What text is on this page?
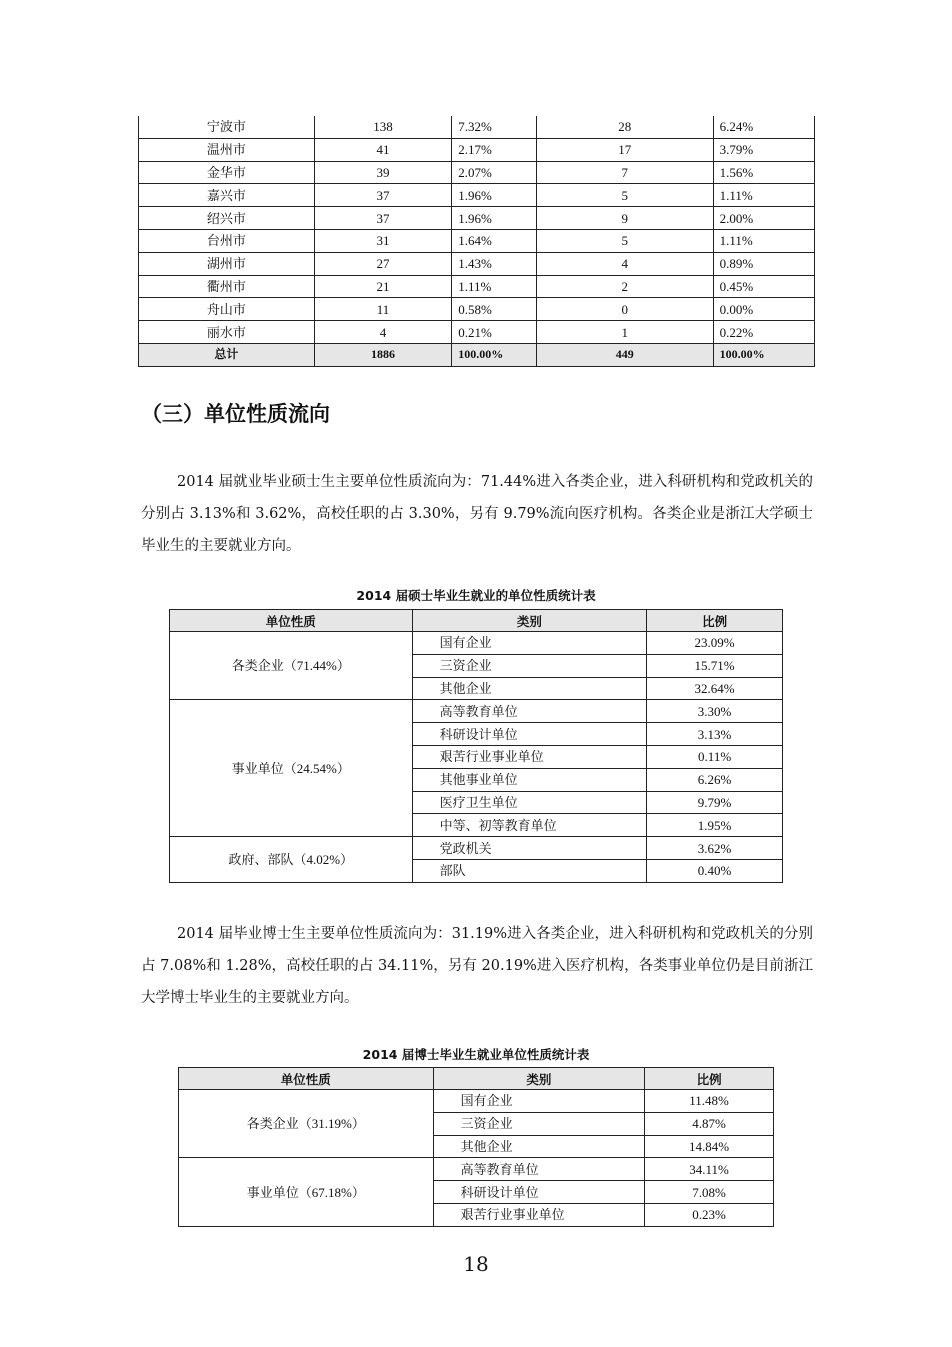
宁波市	138	7.32%	28	6.24%
温州市	41	2.17%	17	3.79%
金华市	39	2.07%	7	1.56%
嘉兴市	37	1.96%	5	1.11%
绍兴市	37	1.96%	9	2.00%
台州市	31	1.64%	5	1.11%
湖州市	27	1.43%	4	0.89%
衢州市	21	1.11%	2	0.45%
舟山市	11	0.58%	0	0.00%
丽水市	4	0.21%	1	0.22%
总计	1886	100.00%	449	100.00%
（三）单位性质流向

2014 届就业毕业硕士生主要单位性质流向为：71.44%进入各类企业，进入科研机构和党政机关的分别占 3.13%和 3.62%，高校任职的占 3.30%，另有 9.79%流向医疗机构。各类企业是浙江大学硕士毕业生的主要就业方向。

2014 届硕士毕业生就业的单位性质统计表

单位性质	类别	比例
各类企业（71.44%）	国有企业	23.09%
	三资企业	15.71%
	其他企业	32.64%
事业单位（24.54%）	高等教育单位	3.30%
	科研设计单位	3.13%
	艰苦行业事业单位	0.11%
	其他事业单位	6.26%
	医疗卫生单位	9.79%
	中等、初等教育单位	1.95%
政府、部队（4.02%）	党政机关	3.62%
	部队	0.40%

2014 届毕业博士生主要单位性质流向为：31.19%进入各类企业，进入科研机构和党政机关的分别占 7.08%和 1.28%，高校任职的占 34.11%，另有 20.19%进入医疗机构，各类事业单位仍是目前浙江大学博士毕业生的主要就业方向。

2014 届博士毕业生就业单位性质统计表

单位性质	类别	比例
各类企业（31.19%）	国有企业	11.48%
	三资企业	4.87%
	其他企业	14.84%
事业单位（67.18%）	高等教育单位	34.11%
	科研设计单位	7.08%
	艰苦行业事业单位	0.23%

18
